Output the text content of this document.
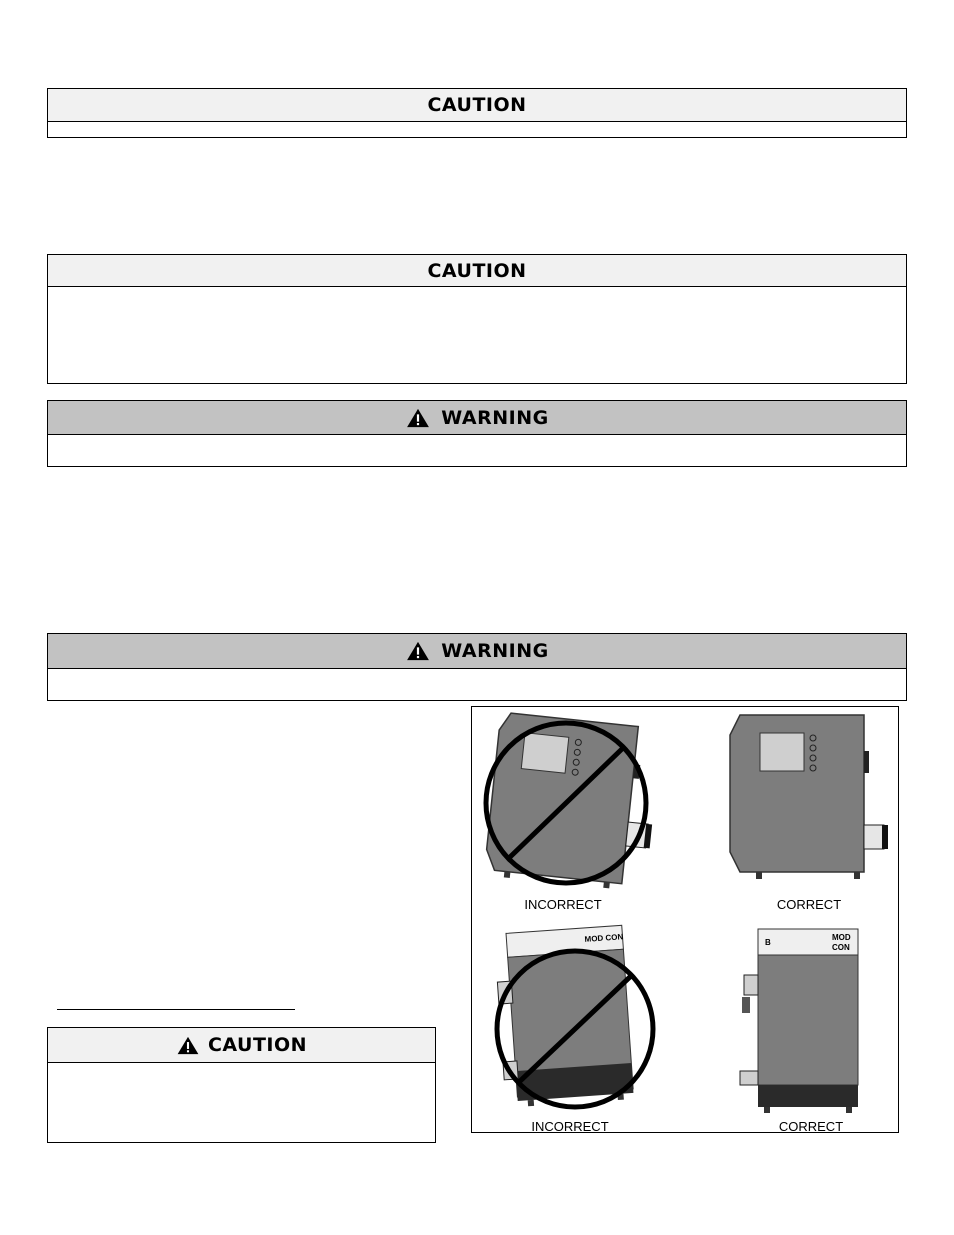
CAUTION
CAUTION
WARNING
WARNING
CAUTION
MOD CON	B
MOD
CON
INCORRECT	CORRECT
INCORRECT	CORRECT
